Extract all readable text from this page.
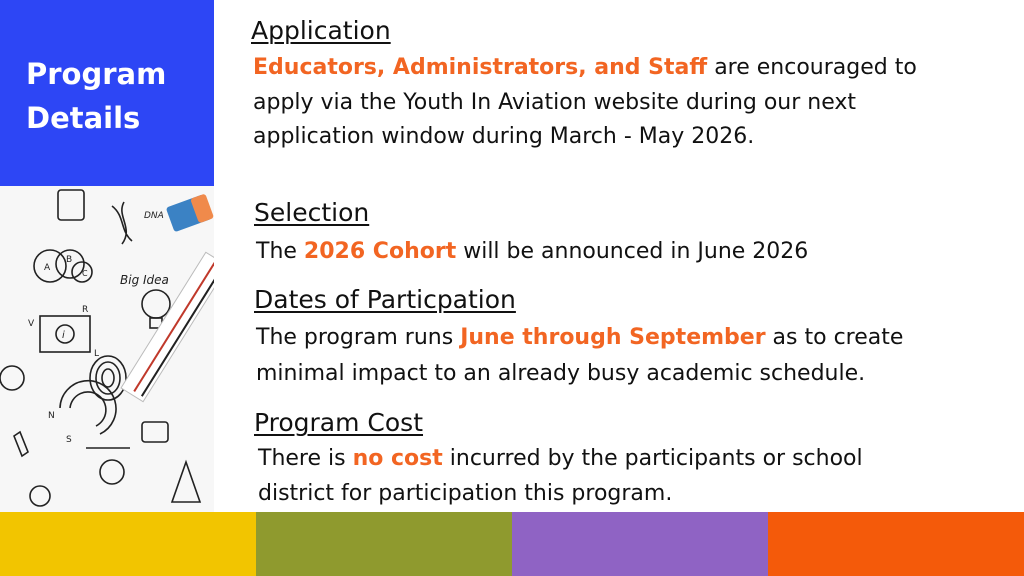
Program
Details
DNA
Big Idea
A
B
C
R
V
L
i
N
S
Application
Educators, Administrators, and Staff are encouraged to
apply via the Youth In Aviation website during our next
application window during March - May 2026.
Selection
The 2026 Cohort will be announced in June 2026
Dates of Particpation
The program runs June through September as to create
minimal impact to an already busy academic schedule.
Program Cost
There is no cost incurred by the participants or school
district for participation this program.
